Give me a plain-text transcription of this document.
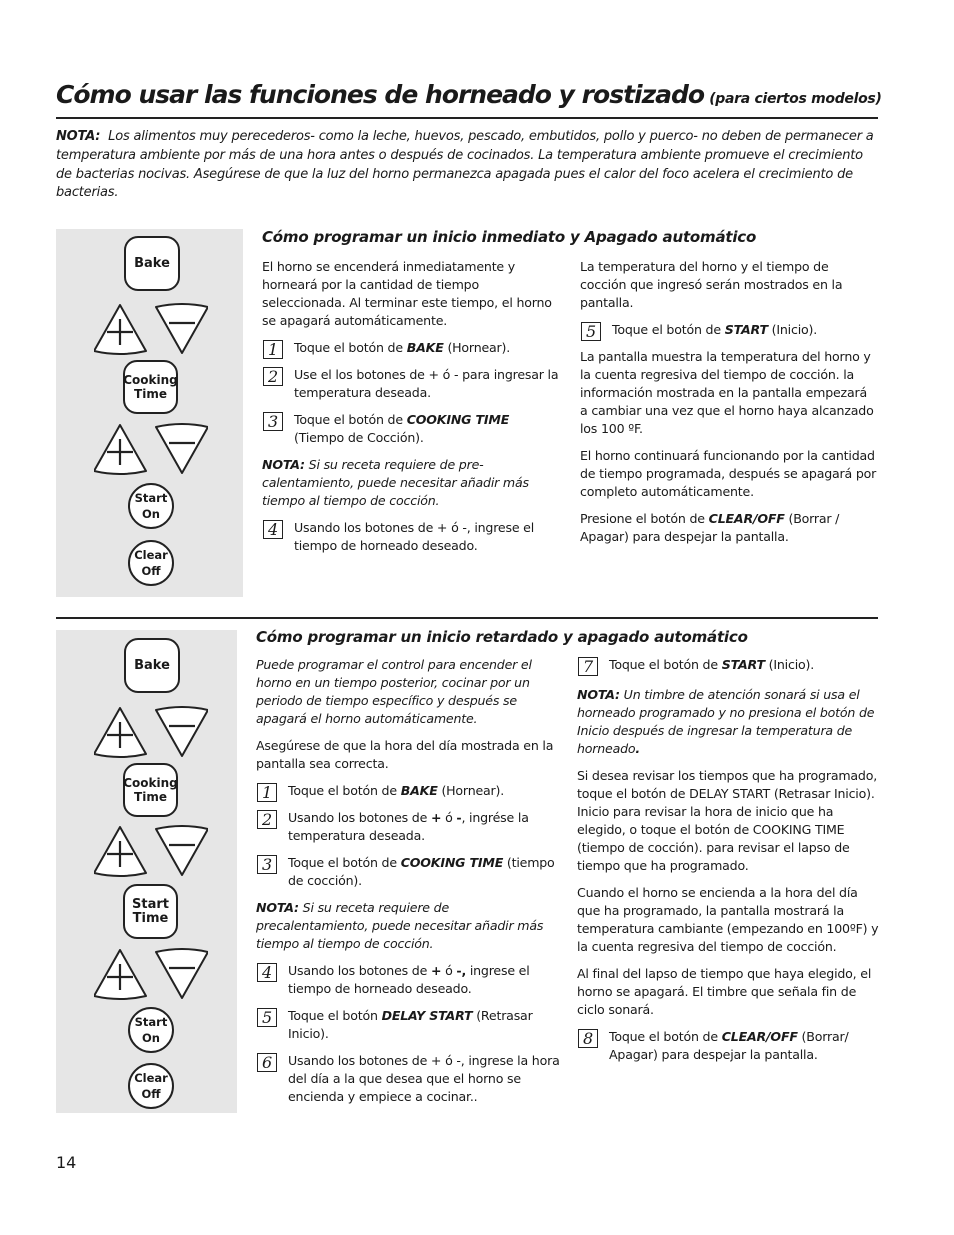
Cómo usar las funciones de horneado y rostizado (para ciertos modelos)
NOTA: Los alimentos muy perecederos- como la leche, huevos, pescado, embutidos, pollo y puerco- no deben de permanecer a temperatura ambiente por más de una hora antes o después de cocinados. La temperatura ambiente promueve el crecimiento de bacterias nocivas. Asegúrese de que la luz del horno permanezca apagada pues el calor del foco acelera el crecimiento de bacterias.
Bake
Cooking
Time
Start
On
Clear
Off
Cómo programar un inicio inmediato y Apagado automático

El horno se encenderá inmediatamente y horneará por la cantidad de tiempo seleccionada. Al terminar este tiempo, el horno se apagará automáticamente.

1	Toque el botón de BAKE (Hornear).
2	Use el los botones de + ó - para ingresar la temperatura deseada.
3	Toque el botón de COOKING TIME (Tiempo de Cocción).

NOTA: Si su receta requiere de pre-calentamiento, puede necesitar añadir más tiempo al tiempo de cocción.

4	Usando los botones de + ó -, ingrese el tiempo de horneado deseado.

La temperatura del horno y el tiempo de cocción que ingresó serán mostrados en la pantalla.

5	Toque el botón de START (Inicio).

La pantalla muestra la temperatura del horno y la cuenta regresiva del tiempo de cocción. la información mostrada en la pantalla empezará a cambiar una vez que el horno haya alcanzado los 100 ºF.

El horno continuará funcionando por la cantidad de tiempo programada, después se apagará por completo automáticamente.

Presione el botón de CLEAR/OFF (Borrar / Apagar) para despejar la pantalla.

Bake
Cooking
Time
Start
Time
Start
On
Clear
Off
Cómo programar un inicio retardado y apagado automático

Puede programar el control para encender el horno en un tiempo posterior, cocinar por un periodo de tiempo específico y después se apagará el horno automáticamente.

Asegúrese de que la hora del día mostrada en la pantalla sea correcta.

1	Toque el botón de BAKE (Hornear).
2	Usando los botones de + ó -, ingrése la temperatura deseada.
3	Toque el botón de COOKING TIME (tiempo de cocción).

NOTA: Si su receta requiere de precalentamiento, puede necesitar añadir más tiempo al tiempo de cocción.

4	Usando los botones de + ó -, ingrese el tiempo de horneado deseado.
5	Toque el botón DELAY START (Retrasar Inicio).
6	Usando los botones de + ó -, ingrese la hora del día a la que desea que el horno se encienda y empiece a cocinar..
7	Toque el botón de START (Inicio).

NOTA: Un timbre de atención sonará si usa el horneado programado y no presiona el botón de Inicio después de ingresar la temperatura de horneado.

Si desea revisar los tiempos que ha programado, toque el botón de DELAY START (Retrasar Inicio). Inicio para revisar la hora de inicio que ha elegido, o toque el botón de COOKING TIME (tiempo de cocción). para revisar el lapso de tiempo que ha programado.

Cuando el horno se encienda a la hora del día que ha programado, la pantalla mostrará la temperatura cambiante (empezando en 100ºF) y la cuenta regresiva del tiempo de cocción.

Al final del lapso de tiempo que haya elegido, el horno se apagará. El timbre que señala fin de ciclo sonará.

8	Toque el botón de CLEAR/OFF (Borrar/ Apagar) para despejar la pantalla.
14
